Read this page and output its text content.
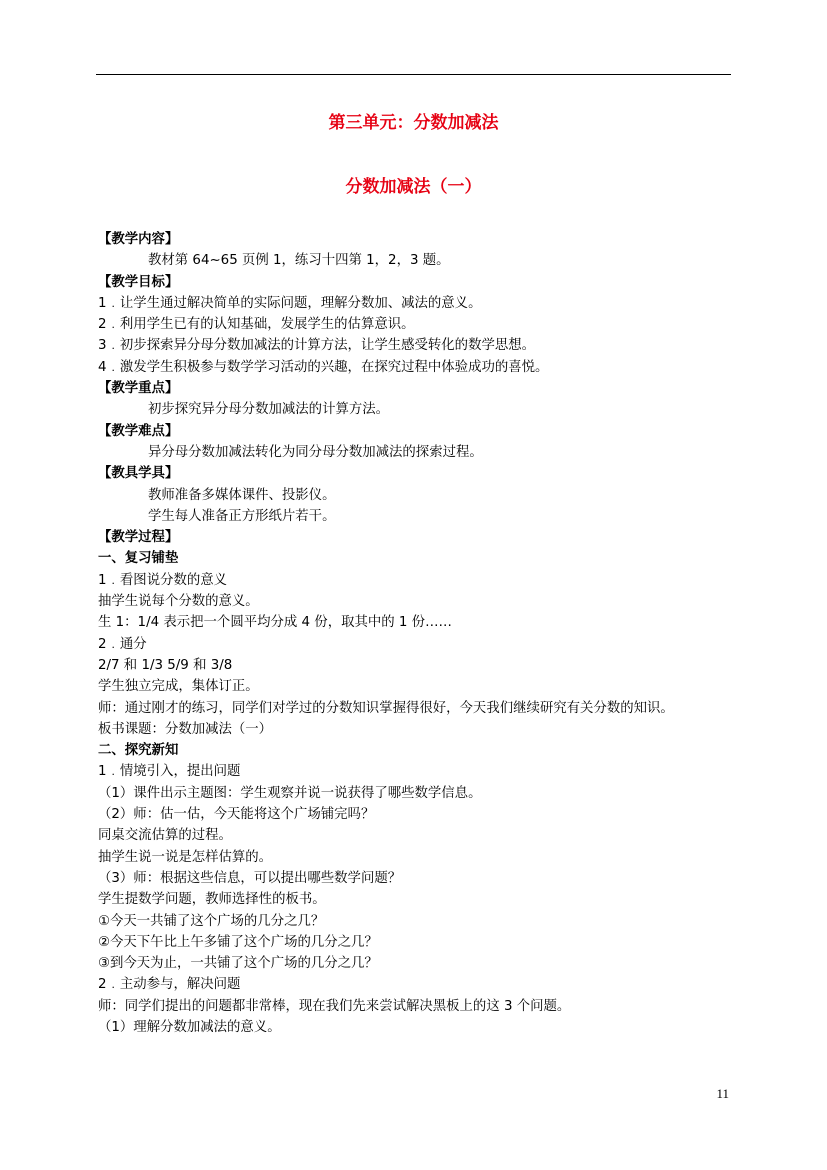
第三单元：分数加减法
分数加减法（一）
【教学内容】
教材第 64~65 页例 1，练习十四第 1，2，3 题。
【教学目标】
1﹒让学生通过解决简单的实际问题，理解分数加、减法的意义。
2﹒利用学生已有的认知基础，发展学生的估算意识。
3﹒初步探索异分母分数加减法的计算方法，让学生感受转化的数学思想。
4﹒激发学生积极参与数学学习活动的兴趣，在探究过程中体验成功的喜悦。
【教学重点】
初步探究异分母分数加减法的计算方法。
【教学难点】
异分母分数加减法转化为同分母分数加减法的探索过程。
【教具学具】
教师准备多媒体课件、投影仪。
学生每人准备正方形纸片若干。
【教学过程】
一、复习铺垫
1﹒看图说分数的意义
抽学生说每个分数的意义。
生 1：1/4 表示把一个圆平均分成 4 份，取其中的 1 份……
2﹒通分
2/7 和 1/3 5/9 和 3/8
学生独立完成，集体订正。
师：通过刚才的练习，同学们对学过的分数知识掌握得很好，今天我们继续研究有关分数的知识。
板书课题：分数加减法（一）
二、探究新知
1﹒情境引入，提出问题
（1）课件出示主题图：学生观察并说一说获得了哪些数学信息。
（2）师：估一估，今天能将这个广场铺完吗？
同桌交流估算的过程。
抽学生说一说是怎样估算的。
（3）师：根据这些信息，可以提出哪些数学问题？
学生提数学问题，教师选择性的板书。
①今天一共铺了这个广场的几分之几？
②今天下午比上午多铺了这个广场的几分之几？
③到今天为止，一共铺了这个广场的几分之几？
2﹒主动参与，解决问题
师：同学们提出的问题都非常棒，现在我们先来尝试解决黑板上的这 3 个问题。
（1）理解分数加减法的意义。
11
